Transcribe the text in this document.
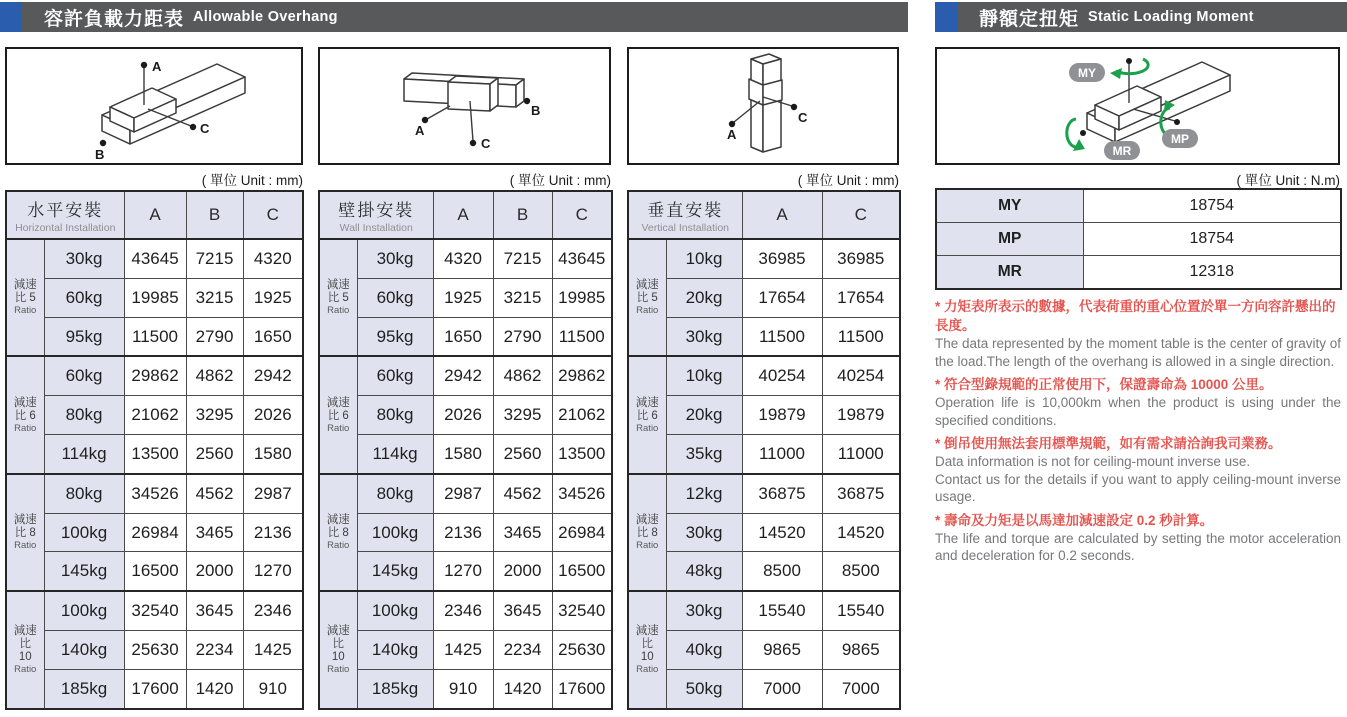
容許負載力距表 Allowable Overhang	靜額定扭矩 Static Loading Moment
A
C
B
A
C
B
A
C
MY
MP
MR
( 單位 Unit : mm)	( 單位 Unit : mm)	( 單位 Unit : mm)	( 單位 Unit : N.m)
水平安裝
Horizontal Installation		A	B	C

減速
比 5
Ratio	30kg	43645	7215	4320
	60kg	19985	3215	1925
	95kg	11500	2790	1650

減速
比 6
Ratio	60kg	29862	4862	2942
	80kg	21062	3295	2026
	114kg	13500	2560	1580

減速
比 8
Ratio	80kg	34526	4562	2987
	100kg	26984	3465	2136
	145kg	16500	2000	1270

減速
比
10
Ratio	100kg	32540	3645	2346
	140kg	25630	2234	1425
	185kg	17600	1420	910
壁掛安裝
Wall Installation		A	B	C

減速
比 5
Ratio	30kg	4320	7215	43645
	60kg	1925	3215	19985
	95kg	1650	2790	11500

減速
比 6
Ratio	60kg	2942	4862	29862
	80kg	2026	3295	21062
	114kg	1580	2560	13500

減速
比 8
Ratio	80kg	2987	4562	34526
	100kg	2136	3465	26984
	145kg	1270	2000	16500

減速
比
10
Ratio	100kg	2346	3645	32540
	140kg	1425	2234	25630
	185kg	910	1420	17600
垂直安裝
Vertical Installation		A	C

減速
比 5
Ratio	10kg	36985	36985
	20kg	17654	17654
	30kg	11500	11500

減速
比 6
Ratio	10kg	40254	40254
	20kg	19879	19879
	35kg	11000	11000

減速
比 8
Ratio	12kg	36875	36875
	30kg	14520	14520
	48kg	8500	8500

減速
比
10
Ratio	30kg	15540	15540
	40kg	9865	9865
	50kg	7000	7000
MY	18754
MP	18754
MR	12318
* 力矩表所表示的數據，代表荷重的重心位置於單一方向容許懸出的長度。
The data represented by the moment table is the center of gravity of the load.The length of the overhang is allowed in a single direction.
* 符合型錄規範的正常使用下，保證壽命為 10000 公里。
Operation life is 10,000km when the product is using under the specified conditions.
* 倒吊使用無法套用標準規範，如有需求請洽詢我司業務。
Data information is not for ceiling-mount inverse use.
Contact us for the details if you want to apply ceiling-mount inverse usage.
* 壽命及力矩是以馬達加減速設定 0.2 秒計算。
The life and torque are calculated by setting the motor acceleration and deceleration for 0.2 seconds.
